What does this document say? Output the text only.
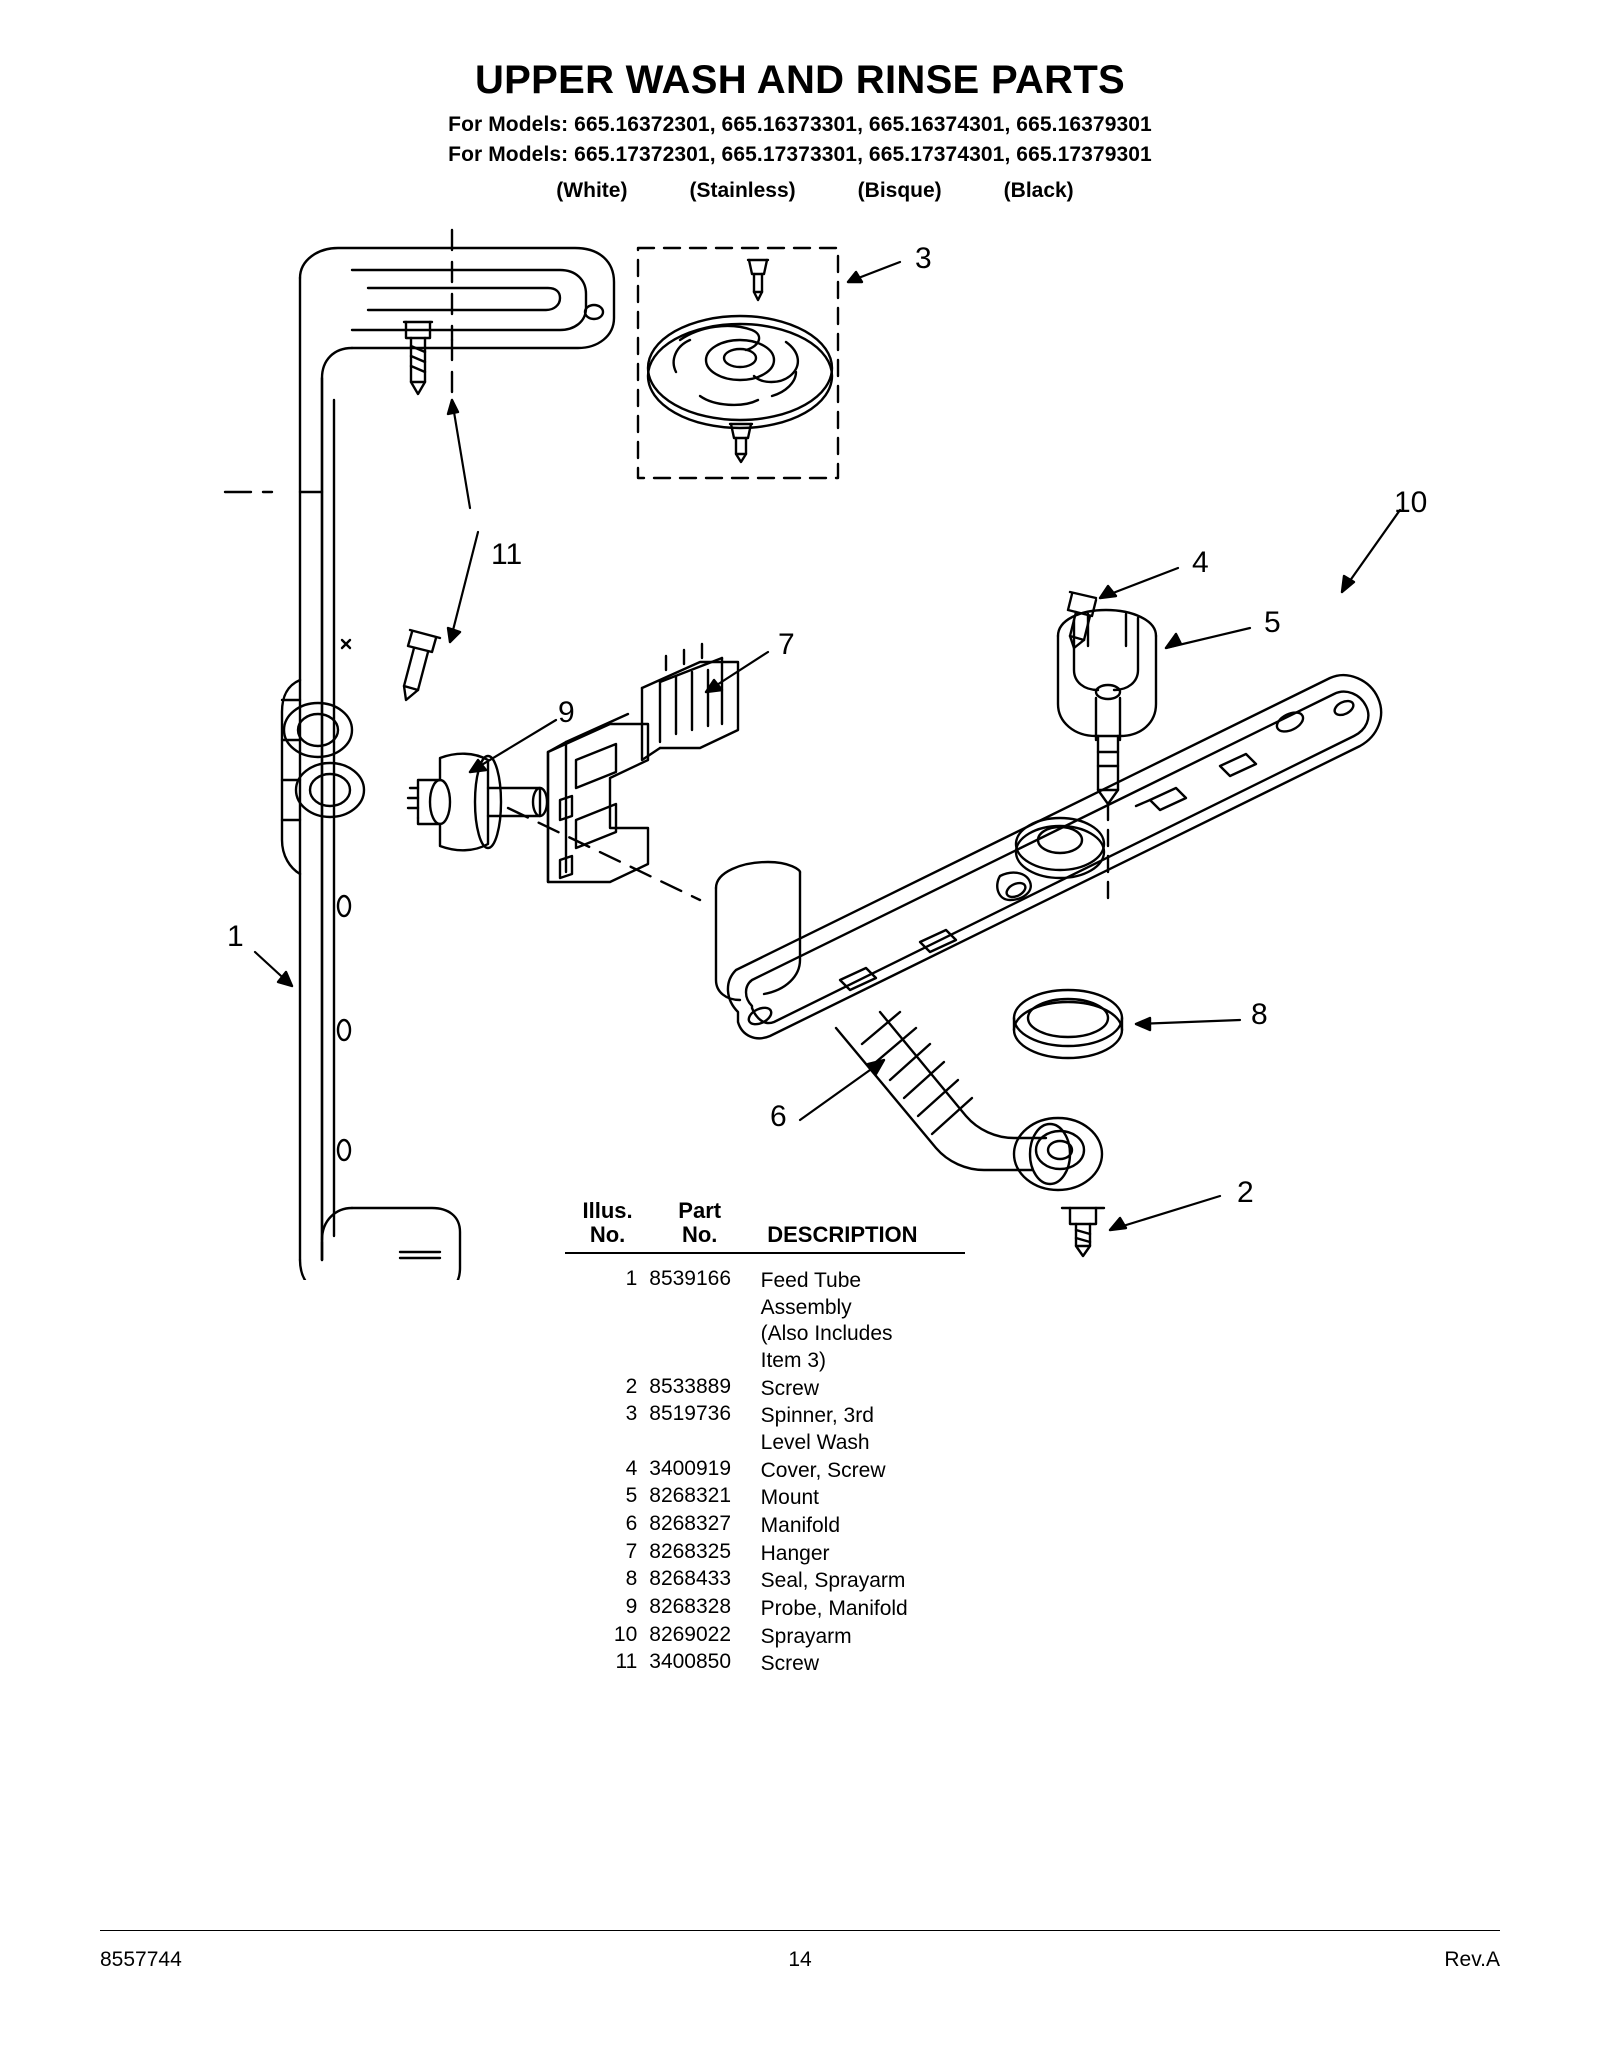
UPPER WASH AND RINSE PARTS
For Models: 665.16372301, 665.16373301, 665.16374301, 665.16379301
For Models: 665.17372301, 665.17373301, 665.17374301, 665.17379301
(White)	(Stainless)	(Bisque)	(Black)
1
2
3
4
5
6
7
8
9
10
11
Illus.	Part
No.	No.	DESCRIPTION
1 8539166	Feed Tube
Assembly
(Also Includes
Item 3)
2 8533889	Screw
3 8519736	Spinner, 3rd
Level Wash
4 3400919	Cover, Screw
5 8268321	Mount
6 8268327	Manifold
7 8268325	Hanger
8 8268433	Seal, Sprayarm
9 8268328	Probe, Manifold
10 8269022	Sprayarm
11 3400850	Screw
8557744	14	Rev.A
